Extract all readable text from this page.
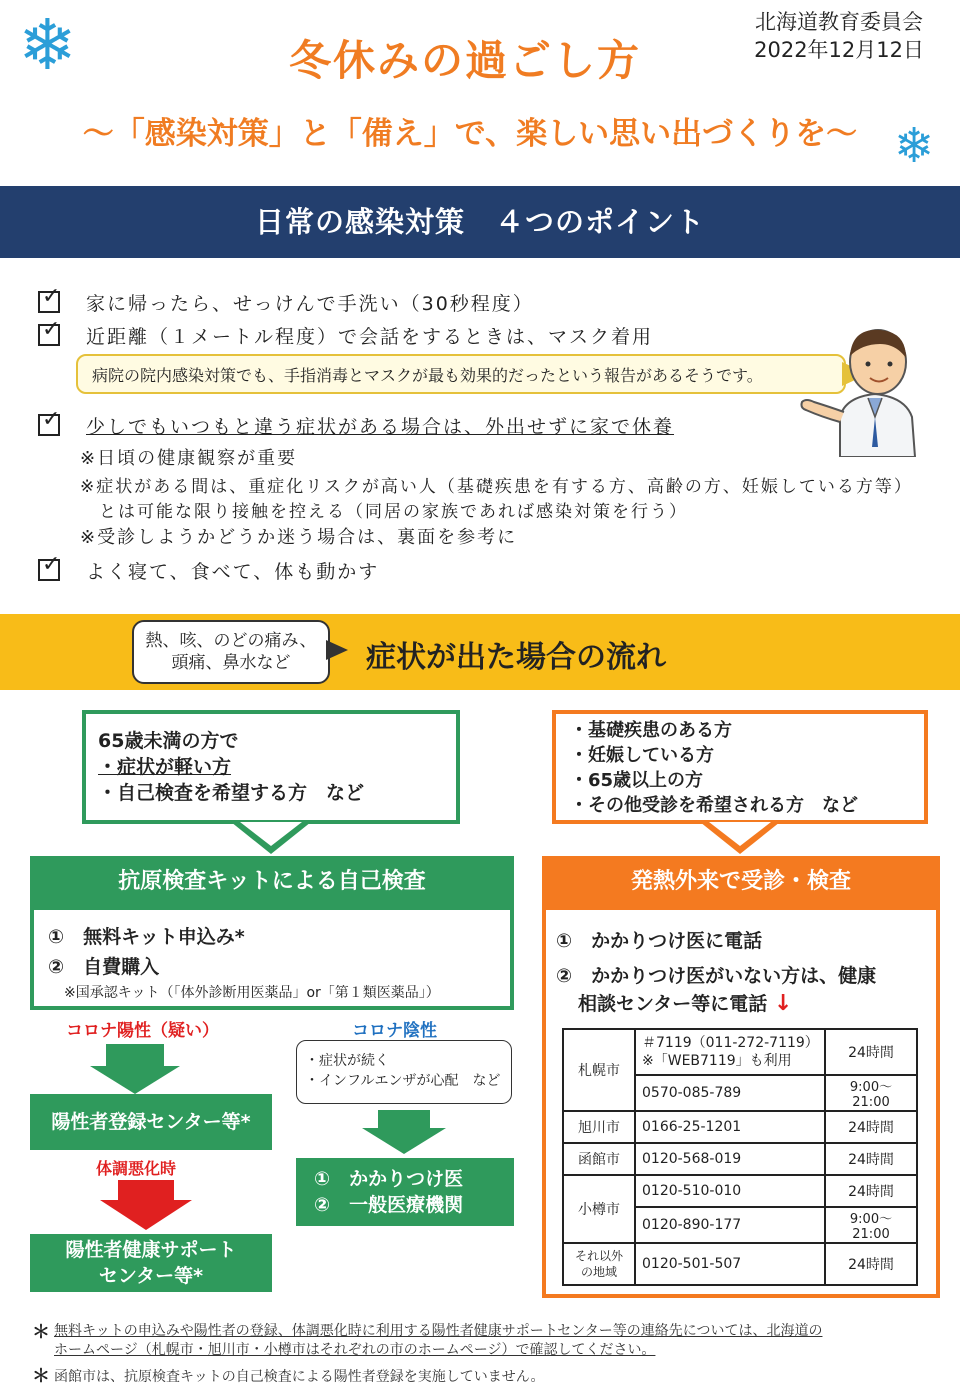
❄
❄
冬休みの過ごし方
～「感染対策」と「備え」で、楽しい思い出づくりを～
北海道教育委員会
2022年12月12日
日常の感染対策　４つのポイント
✓家に帰ったら、せっけんで手洗い（30秒程度）
✓近距離（１メートル程度）で会話をするときは、マスク着用
病院の院内感染対策でも、手指消毒とマスクが最も効果的だったという報告があるそうです。
✓少しでもいつもと違う症状がある場合は、外出せずに家で休養
※日頃の健康観察が重要
※症状がある間は、重症化リスクが高い人（基礎疾患を有する方、高齢の方、妊娠している方等）
　とは可能な限り接触を控える（同居の家族であれば感染対策を行う）
※受診しようかどうか迷う場合は、裏面を参考に
✓よく寝て、食べて、体も動かす
熱、咳、のどの痛み、
頭痛、鼻水など	症状が出た場合の流れ
65歳未満の方で
・症状が軽い方
・自己検査を希望する方　など
抗原検査キットによる自己検査
①　無料キット申込み*
②　自費購入
※国承認キット（「体外診断用医薬品」or「第１類医薬品」）
コロナ陽性（疑い）	コロナ陰性
・症状が続く
・インフルエンザが心配　など
陽性者登録センター等*
体調悪化時
陽性者健康サポート
センター等*
①　かかりつけ医
②　一般医療機関
・基礎疾患のある方
・妊娠している方
・65歳以上の方
・その他受診を希望される方　など
発熱外来で受診・検査
①　かかりつけ医に電話
②　かかりつけ医がいない方は、健康
相談センター等に電話 ↓
札幌市	＃7119（011-272-7119）
※「WEB7119」も利用	24時間
	0570-085-789	9:00～21:00
旭川市	0166-25-1201	24時間
函館市	0120-568-019	24時間
小樽市	0120-510-010	24時間
	0120-890-177	9:00～21:00

それ以外
の地域	0120-501-507	24時間
＊ 無料キットの申込みや陽性者の登録、体調悪化時に利用する陽性者健康サポートセンター等の連絡先については、北海道の
ホームページ（札幌市・旭川市・小樽市はそれぞれの市のホームページ）で確認してください。
＊ 函館市は、抗原検査キットの自己検査による陽性者登録を実施していません。
